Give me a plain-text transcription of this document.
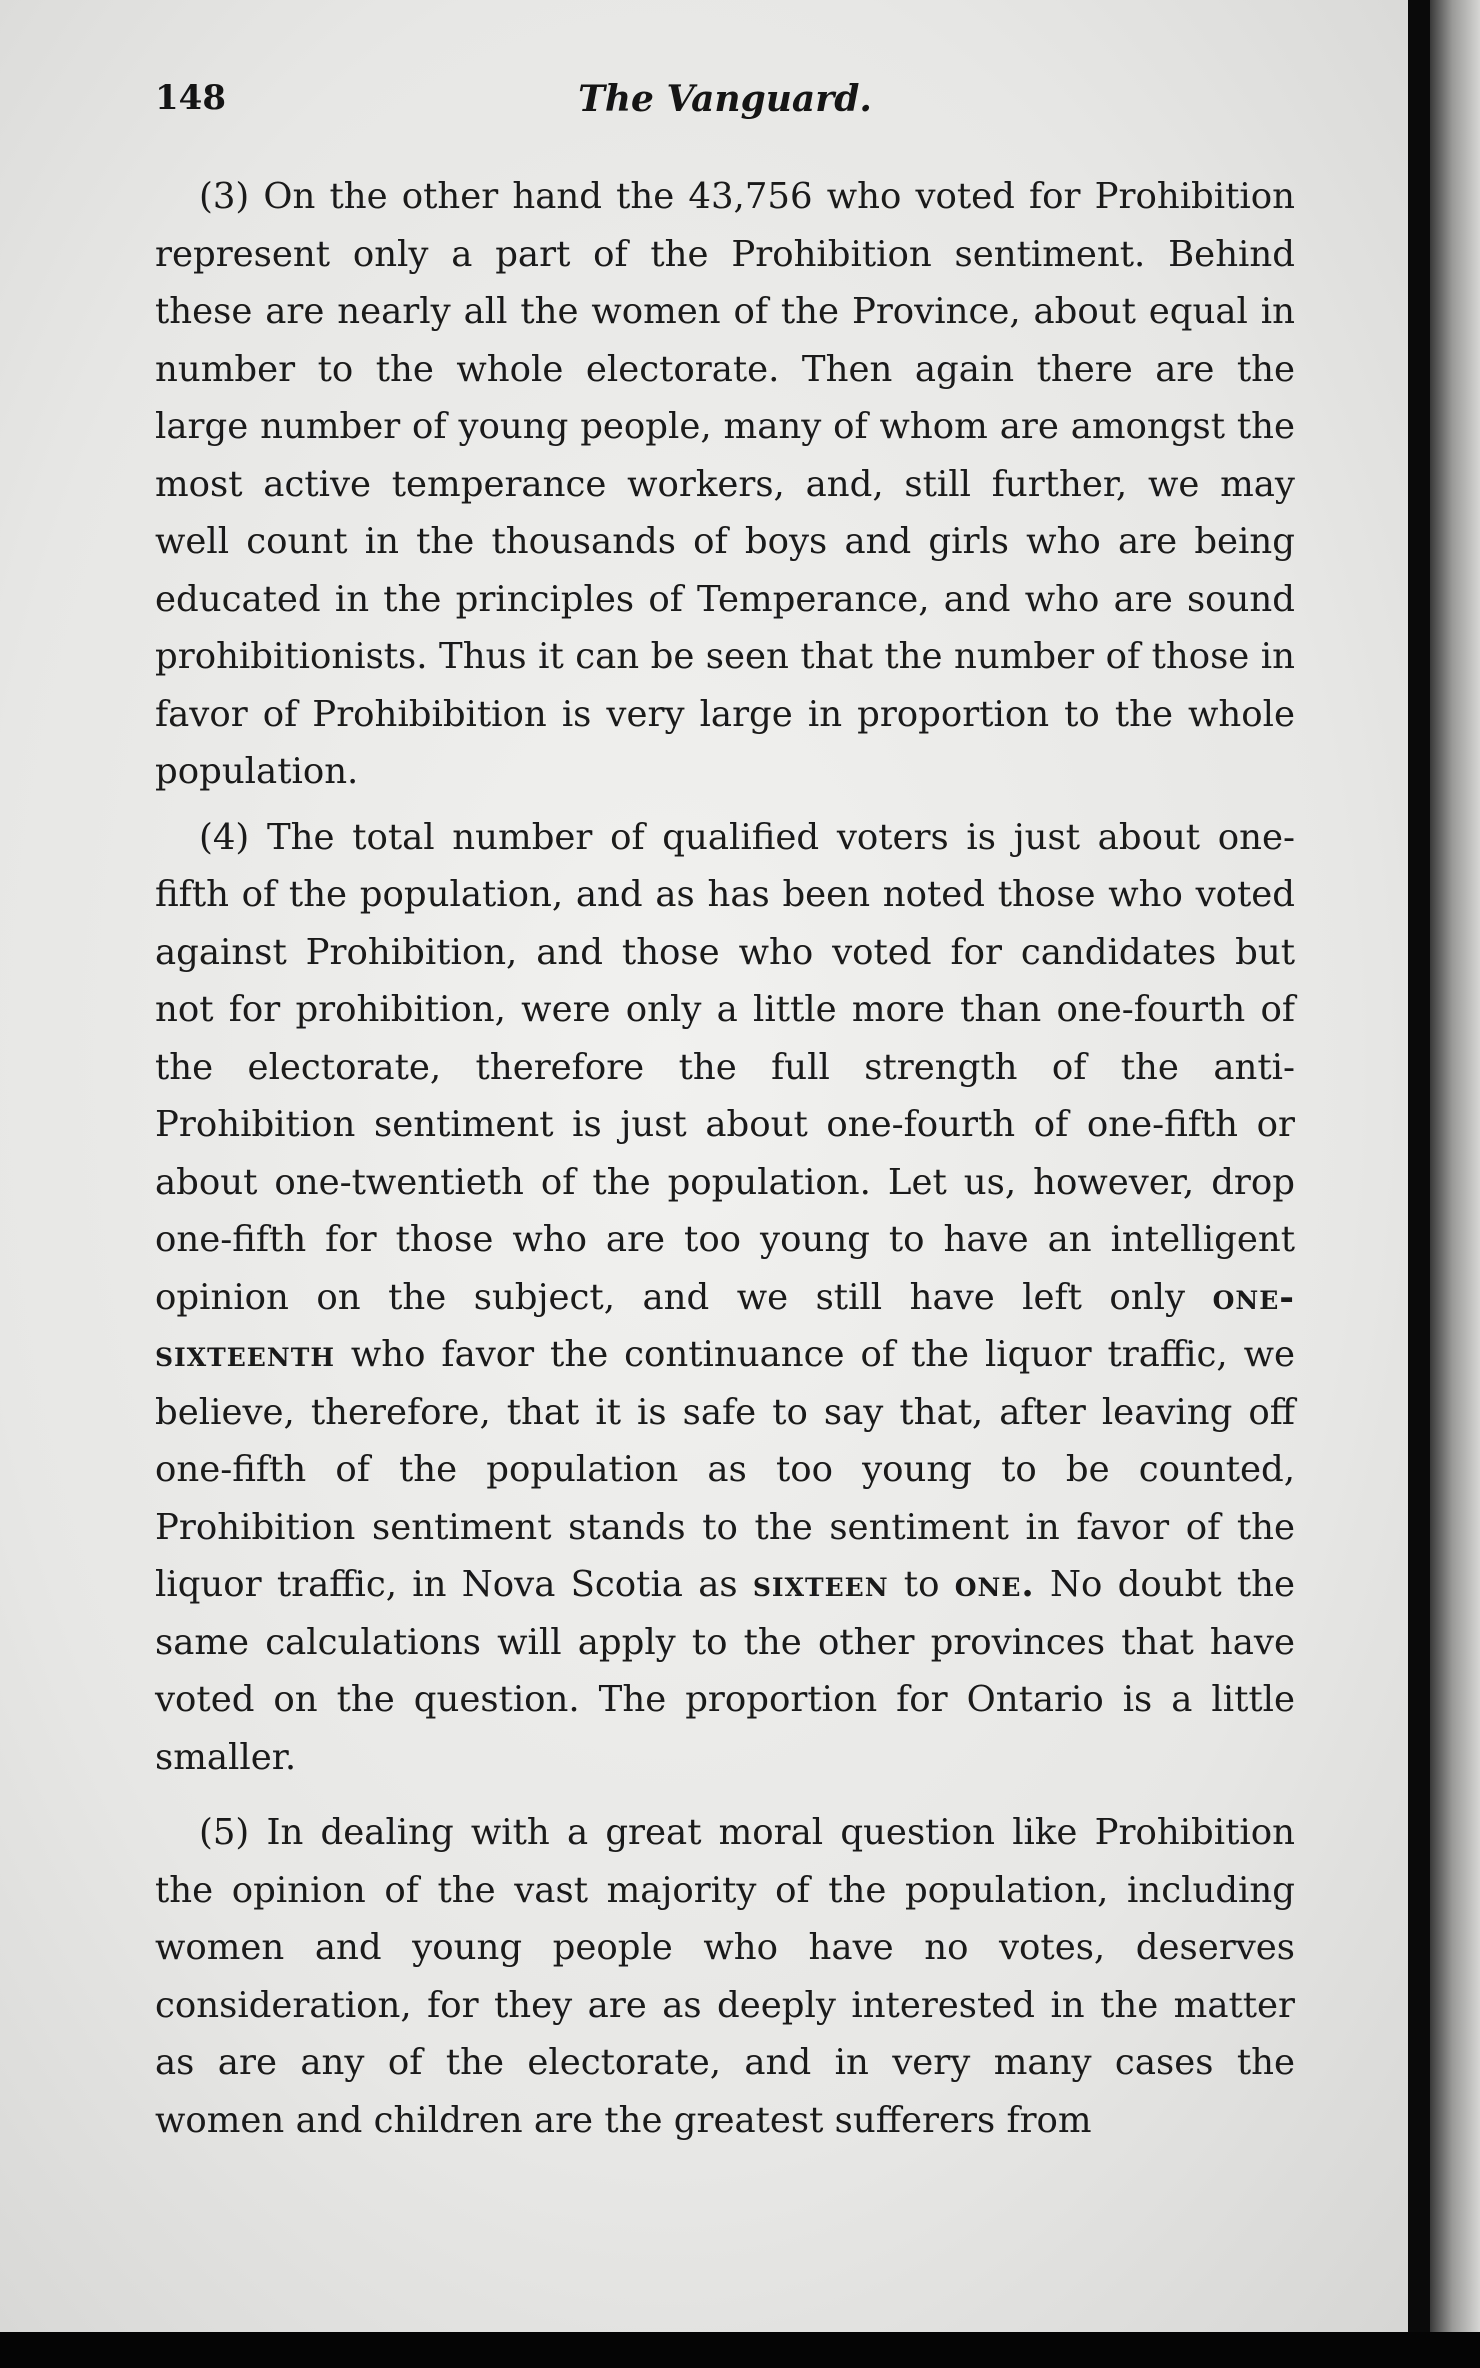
148	The Vanguard.

(3) On the other hand the 43,756 who voted for Prohibition represent only a part of the Prohibition sentiment. Behind these are nearly all the women of the Province, about equal in number to the whole electorate. Then again there are the large number of young people, many of whom are amongst the most active temperance workers, and, still further, we may well count in the thousands of boys and girls who are being educated in the principles of Temperance, and who are sound prohibitionists. Thus it can be seen that the number of those in favor of Prohibibition is very large in proportion to the whole population.

(4) The total number of qualified voters is just about one-fifth of the population, and as has been noted those who voted against Prohibition, and those who voted for candidates but not for prohibition, were only a little more than one-fourth of the electorate, therefore the full strength of the anti-Prohibition sentiment is just about one-fourth of one-fifth or about one-twentieth of the population. Let us, however, drop one-fifth for those who are too young to have an intelligent opinion on the subject, and we still have left only one-sixteenth who favor the continuance of the liquor traffic, we believe, therefore, that it is safe to say that, after leaving off one-fifth of the population as too young to be counted, Prohibition sentiment stands to the sentiment in favor of the liquor traffic, in Nova Scotia as sixteen to one. No doubt the same calculations will apply to the other provinces that have voted on the question. The proportion for Ontario is a little smaller.

(5) In dealing with a great moral question like Prohibition the opinion of the vast majority of the population, including women and young people who have no votes, deserves consideration, for they are as deeply interested in the matter as are any of the electorate, and in very many cases the women and children are the greatest sufferers from
